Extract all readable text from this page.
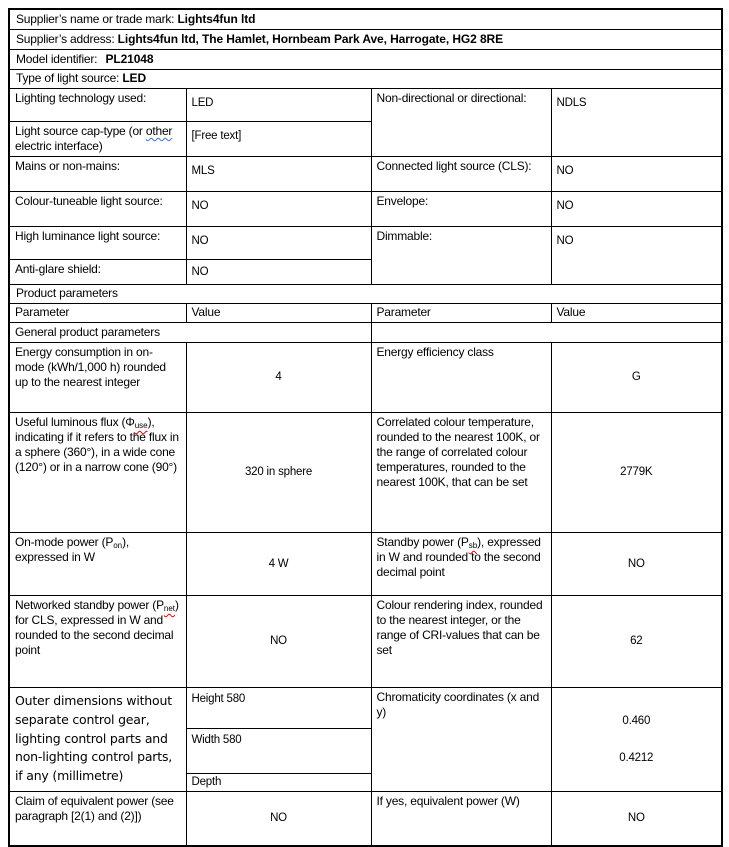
Supplier’s name or trade mark: Lights4fun ltd			
Supplier’s address: Lights4fun ltd, The Hamlet, Hornbeam Park Ave, Harrogate, HG2 8RE			
Model identifier: PL21048			
Type of light source: LED			
Lighting technology used:	LED	Non-directional or directional:	NDLS
Light source cap-type (or other electric interface)	[Free text]		
Mains or non-mains:	MLS	Connected light source (CLS):	NO
Colour-tuneable light source:	NO	Envelope:	NO
High luminance light source:	NO	Dimmable:	NO
Anti-glare shield:	NO		
Product parameters			
Parameter	Value	Parameter	Value
General product parameters			
Energy consumption in on-mode (kWh/1,000 h) rounded up to the nearest integer	4	Energy efficiency class	G
Useful luminous flux $(\Phi_{use})$, indicating if it refers to the flux in a sphere (360°), in a wide cone (120°) or in a narrow cone (90°)	320 in sphere	Correlated colour temperature, rounded to the nearest 100K, or the range of correlated colour temperatures, rounded to the nearest 100K, that can be set	2779K
On-mode power $(P_{on})$, expressed in W	4 W	Standby power $(P_{sb})$, expressed in W and rounded to the second decimal point	NO
Networked standby power $(P_{net})$ for CLS, expressed in W and rounded to the second decimal point	NO	Colour rendering index, rounded to the nearest integer, or the range of CRI-values that can be set	62
Outer dimensions without separate control gear, lighting control parts and non-lighting control parts, if any (millimetre)	Height 580	Chromaticity coordinates (x and y)	0.460
0.4212

	Width 580		
	Depth		
Claim of equivalent power (see paragraph [2(1) and (2)])	NO	If yes, equivalent power (W)	NO
